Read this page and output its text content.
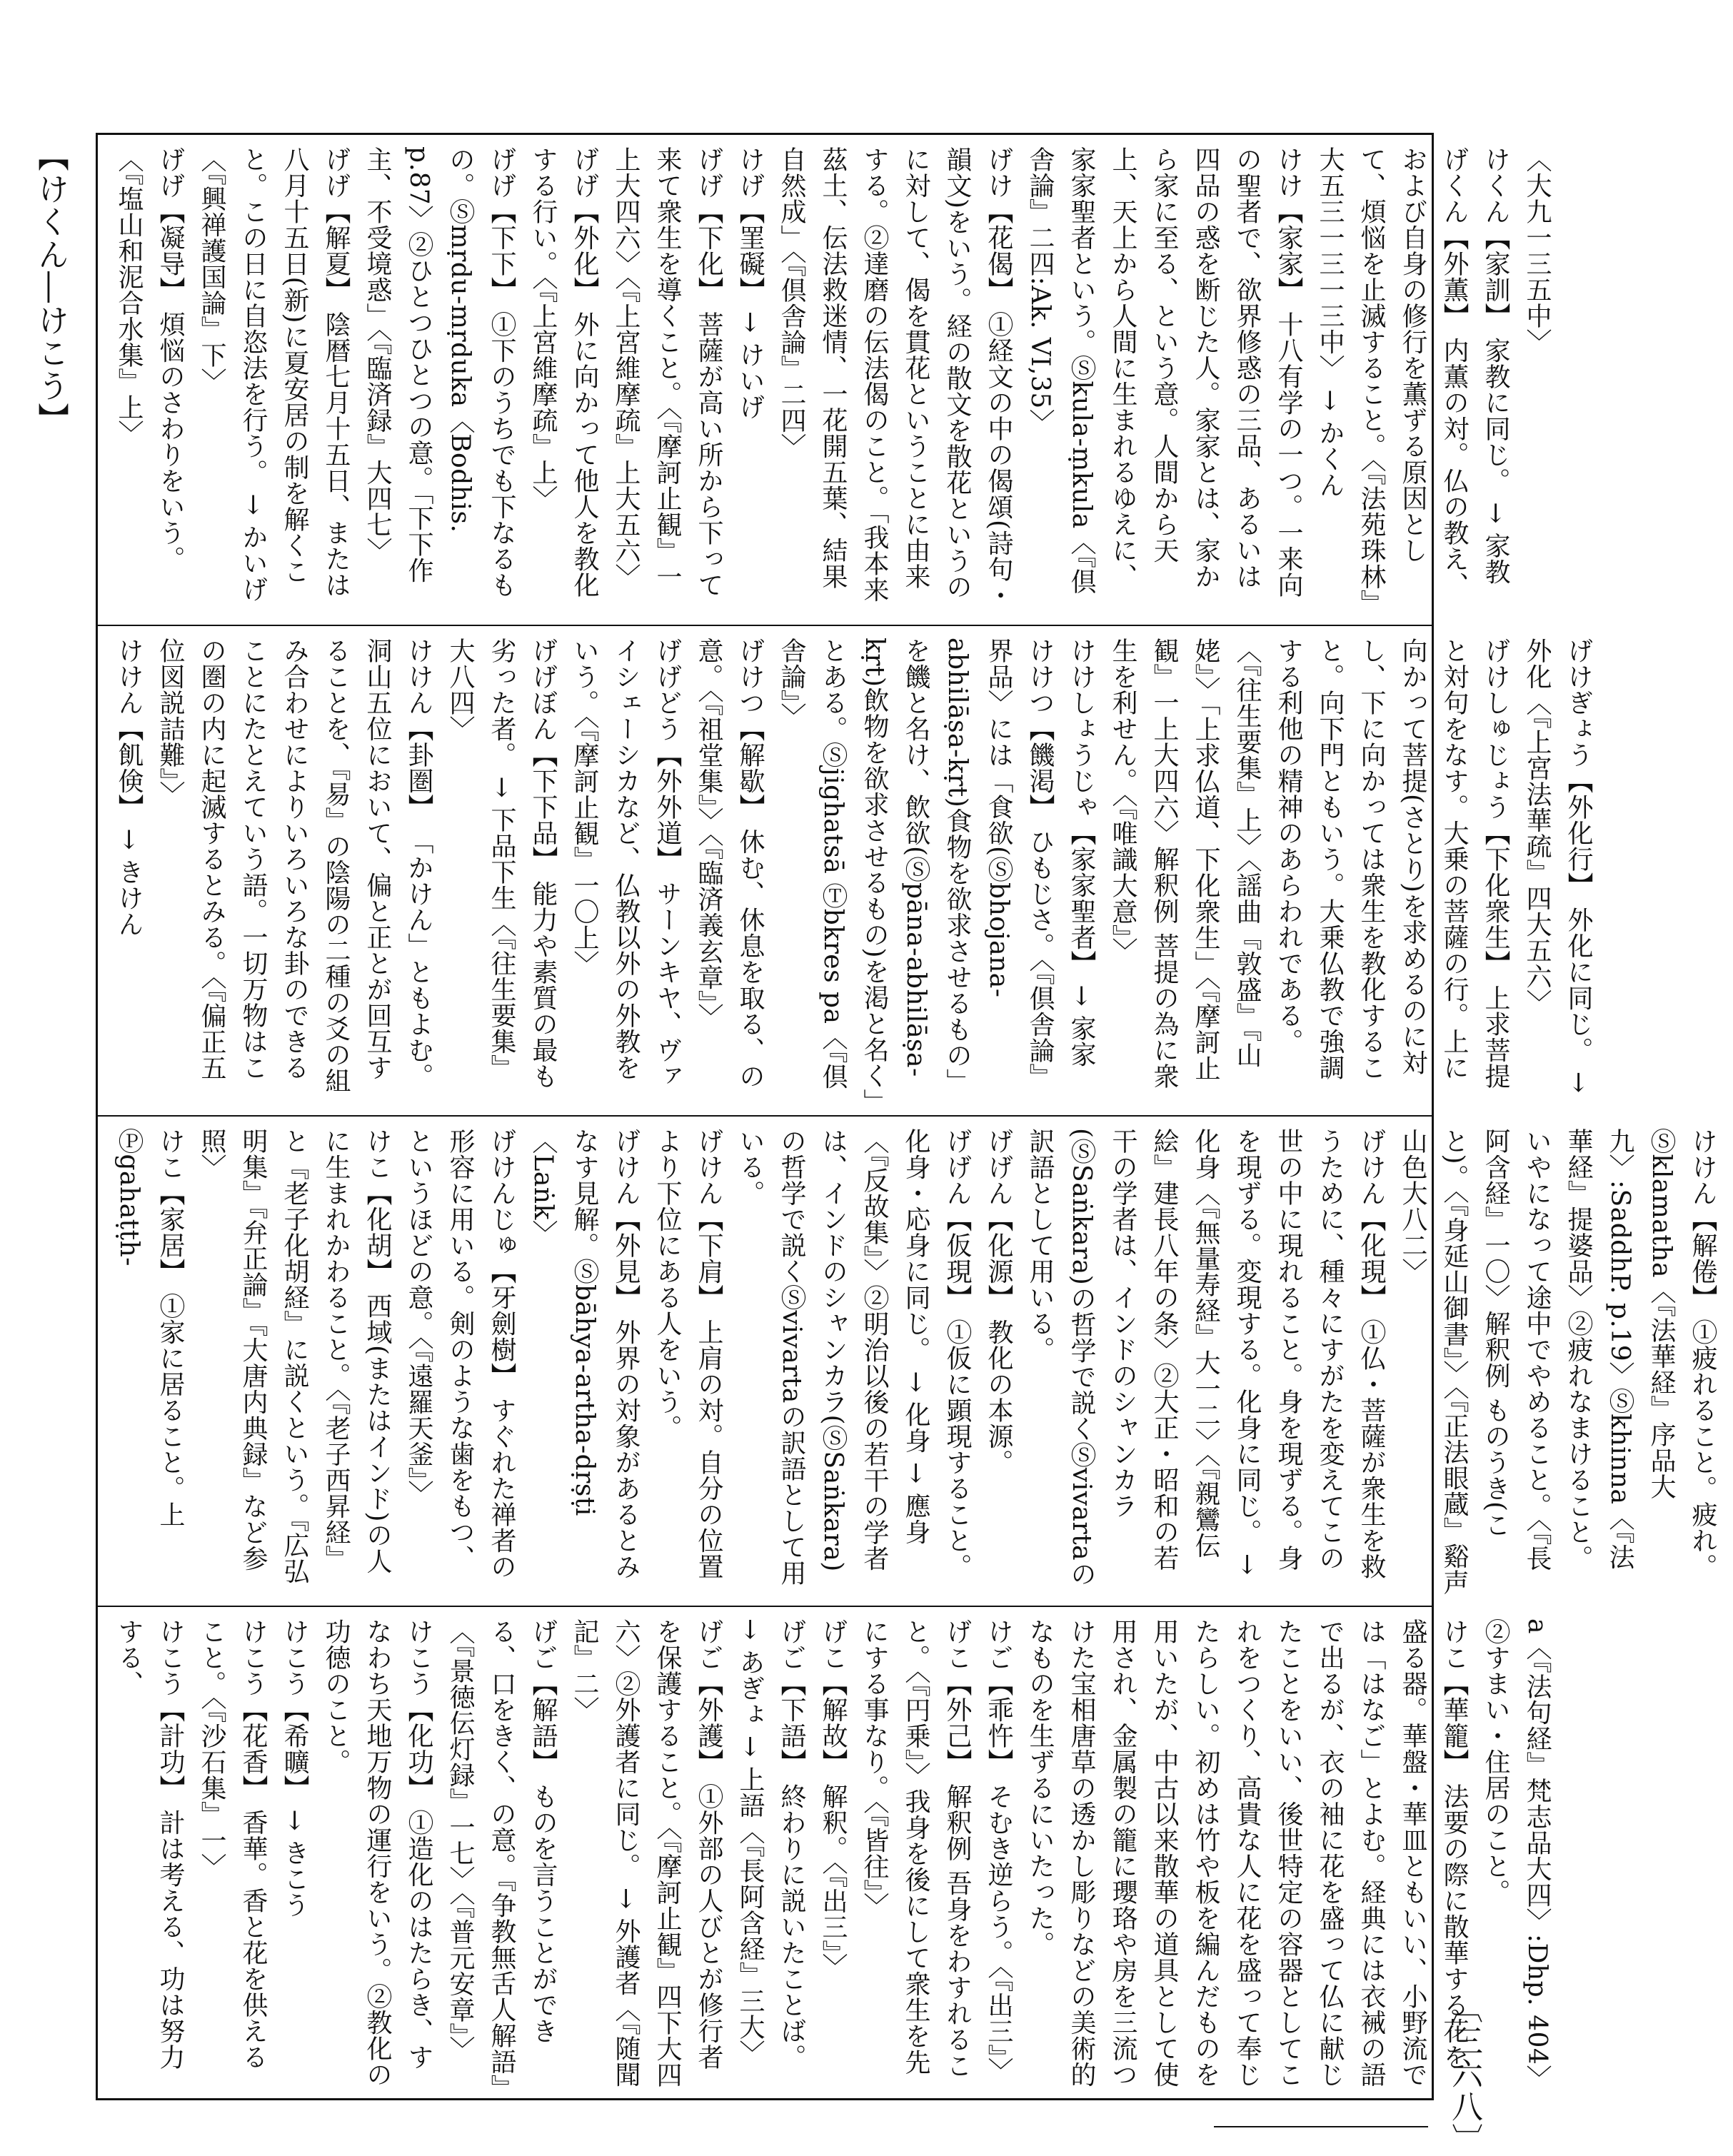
【けくん―けこう】
〔三六八〕
〈大九一三五中〉
けくん【家訓】 家教に同じ。 → 家教
げくん【外薫】 内薫の対。仏の教え、および自身の修行を薫ずる原因として、煩悩を止滅すること。〈『法苑珠林』大五三一三一三中〉 → かくん
けけ【家家】 十八有学の一つ。一来向の聖者で、欲界修惑の三品、あるいは四品の惑を断じた人。家家とは、家から家に至る、という意。人間から天上、天上から人間に生まれるゆえに、家家聖者という。Ⓢkula-ṃkula〈『倶舎論』二四:Ak. VI,35〉
げけ【花偈】 ①経文の中の偈頌(詩句・韻文)をいう。経の散文を散花というのに対して、偈を貫花ということに由来する。②達磨の伝法偈のこと。「我本来茲土、伝法救迷情、一花開五葉、結果自然成」〈『倶舎論』二四〉
けげ【罣礙】 → けいげ
げげ【下化】 菩薩が高い所から下って来て衆生を導くこと。〈『摩訶止観』一上大四六〉〈『上宮維摩疏』上大五六〉
げげ【外化】 外に向かって他人を教化する行い。〈『上宮維摩疏』上〉
げげ【下下】 ①下のうちでも下なるもの。Ⓢmṛdu-mṛduka〈Bodhis. p.87〉②ひとつひとつの意。「下下作主、不受境惑」〈『臨済録』大四七〉
げげ【解夏】 陰暦七月十五日、または八月十五日(新)に夏安居の制を解くこと。この日に自恣法を行う。 → かいげ〈『興禅護国論』下〉
げげ【凝导】 煩悩のさわりをいう。〈『塩山和泥合水集』上〉
げけぎょう【外化行】 外化に同じ。 → 外化〈『上宮法華疏』四大五六〉
げけしゅじょう【下化衆生】 上求菩提と対句をなす。大乗の菩薩の行。上に向かって菩提(さとり)を求めるのに対し、下に向かっては衆生を教化すること。向下門ともいう。大乗仏教で強調する利他の精神のあらわれである。〈『往生要集』上〉〈謡曲『敦盛』『山姥』〉「上求仏道、下化衆生」〈『摩訶止観』一上大四六〉解釈例 菩提の為に衆生を利せん。〈『唯識大意』〉
けけしょうじゃ【家家聖者】 → 家家
けけつ【饑渇】 ひもじさ。〈『倶舎論』界品〉には「食欲(Ⓢbhojana-abhilāṣa-kṛt)食物を欲求させるもの」を饑と名け、飲欲(Ⓢpāna-abhilāṣa-kṛt)飲物を欲求させるもの)を渇と名く」とある。Ⓢjighatsā Ⓣbkres pa〈『倶舎論』〉
げけつ【解歇】 休む、休息を取る、の意。〈『祖堂集』〉〈『臨済義玄章』〉
げげどう【外外道】 サーンキヤ、ヴァイシェーシカなど、仏教以外の外教をいう。〈『摩訶止観』一〇上〉
げげぼん【下下品】 能力や素質の最も劣った者。 → 下品下生〈『往生要集』大八四〉
けけん【卦圏】 「かけん」ともよむ。洞山五位において、偏と正とが回互することを、『易』の陰陽の二種の爻の組み合わせによりいろいろな卦のできることにたとえていう語。一切万物はこの圏の内に起滅するとみる。〈『偏正五位図説詰難』〉
けけん【飢倹】 → きけん
けけん【解倦】 ①疲れること。疲れ。Ⓢklamatha〈『法華経』序品大九〉:SaddhP. p.19〉Ⓢkhinna〈『法華経』提婆品〉②疲れなまけること。いやになって途中でやめること。〈『長阿含経』一〇〉解釈例 ものうき(こと)。〈『身延山御書』〉〈『正法眼蔵』谿声山色大八二〉
げけん【化現】 ①仏・菩薩が衆生を救うために、種々にすがたを変えてこの世の中に現れること。身を現ずる。身を現ずる。変現する。化身に同じ。 → 化身〈『無量寿経』大一二〉〈『親鸞伝絵』建長八年の条〉②大正・昭和の若干の学者は、インドのシャンカラ(ⓈSaṅkara)の哲学で説くⓈvivartaの訳語として用いる。
げげん【化源】 教化の本源。
げげん【仮現】 ①仮に顕現すること。化身・応身に同じ。 → 化身 → 應身〈『反故集』〉②明治以後の若干の学者は、インドのシャンカラ(ⓈSaṅkara)の哲学で説くⓈvivartaの訳語として用いる。
げけん【下肩】 上肩の対。自分の位置より下位にある人をいう。
げけん【外見】 外界の対象があるとみなす見解。Ⓢbāhya-artha-dṛṣṭi〈Laṅk〉
げけんじゅ【牙劍樹】 すぐれた禅者の形容に用いる。剣のような歯をもつ、というほどの意。〈『遠羅天釜』〉
けこ【化胡】 西域(またはインド)の人に生まれかわること。〈『老子西昇経』と『老子化胡経』に説くという。『広弘明集』『弁正論』『大唐内典録』など参照〉
けこ【家居】 ①家に居ること。上Ⓟgahaṭṭh-
a〈『法句経』梵志品大四〉:Dhp. 404〉②すまい・住居のこと。
けこ【華籠】 法要の際に散華する花を盛る器。華盤・華皿ともいい、小野流では「はなご」とよむ。経典には衣裓の語で出るが、衣の袖に花を盛って仏に献じたことをいい、後世特定の容器としてこれをつくり、高貴な人に花を盛って奉じたらしい。初めは竹や板を編んだものを用いたが、中古以来散華の道具として使用され、金属製の籠に瓔珞や房を三流つけた宝相唐草の透かし彫りなどの美術的なものを生ずるにいたった。
けご【乖忤】 そむき逆らう。〈『出三』〉
げこ【外己】 解釈例 吾身をわすれること。〈『円乗』〉我身を後にして衆生を先にする事なり。〈『皆往』〉
げこ【解故】 解釈。〈『出三』〉
げご【下語】 終わりに説いたことば。 → あぎょ → 上語〈『長阿含経』三大〉
げご【外護】 ①外部の人びとが修行者を保護すること。〈『摩訶止観』四下大四六〉②外護者に同じ。 → 外護者〈『随聞記』二〉
げご【解語】 ものを言うことができる、口をきく、の意。『争教無舌人解語』〈『景徳伝灯録』一七〉〈『普元安章』〉
けこう【化功】 ①造化のはたらき、すなわち天地万物の運行をいう。②教化の功徳のこと。
けこう【希曠】 → きこう
けこう【花香】 香華。香と花を供えること。〈『沙石集』一〉
けこう【計功】 計は考える、功は努力する、
